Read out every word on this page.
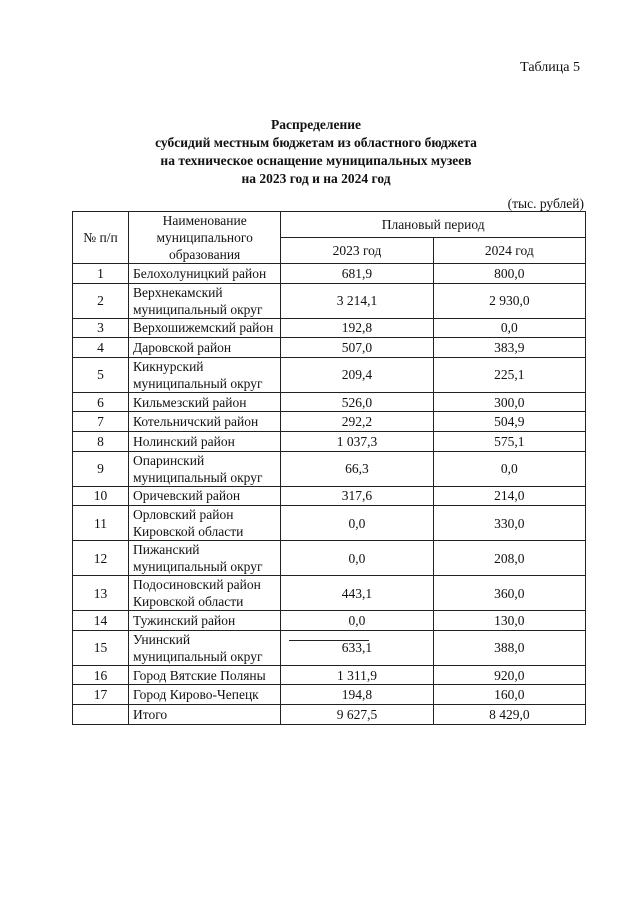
Таблица 5
Распределение
субсидий местным бюджетам из областного бюджета
на техническое оснащение муниципальных музеев
на 2023 год и на 2024 год
(тыс. рублей)
№ п/п	Наименование муниципального образования	Плановый период	
		2023 год	2024 год
1	Белохолуницкий район	681,9	800,0
2	Верхнекамский муниципальный округ	3 214,1	2 930,0
3	Верхошижемский район	192,8	0,0
4	Даровской район	507,0	383,9
5	Кикнурский муниципальный округ	209,4	225,1
6	Кильмезский район	526,0	300,0
7	Котельничский район	292,2	504,9
8	Нолинский район	1 037,3	575,1
9	Опаринский муниципальный округ	66,3	0,0
10	Оричевский район	317,6	214,0
11	Орловский район Кировской области	0,0	330,0
12	Пижанский муниципальный округ	0,0	208,0
13	Подосиновский район Кировской области	443,1	360,0
14	Тужинский район	0,0	130,0
15	Унинский муниципальный округ	633,1	388,0
16	Город Вятские Поляны	1 311,9	920,0
17	Город Кирово-Чепецк	194,8	160,0
	Итого	9 627,5	8 429,0
